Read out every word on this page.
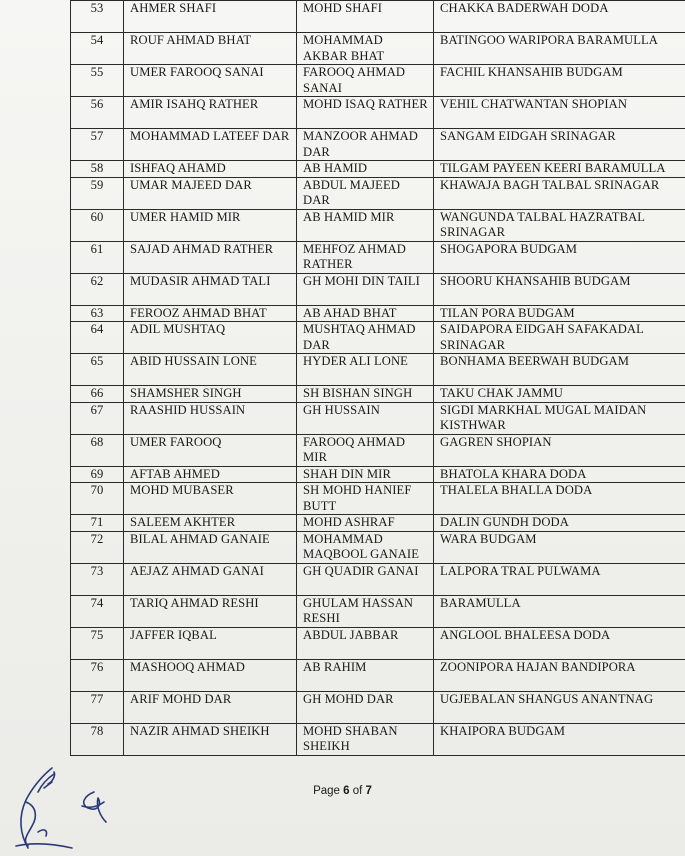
53	AHMER SHAFI	MOHD SHAFI	CHAKKA BADERWAH DODA
54	ROUF AHMAD BHAT	MOHAMMAD AKBAR BHAT	BATINGOO WARIPORA BARAMULLA
55	UMER FAROOQ SANAI	FAROOQ AHMAD SANAI	FACHIL KHANSAHIB BUDGAM
56	AMIR ISAHQ RATHER	MOHD ISAQ RATHER	VEHIL CHATWANTAN SHOPIAN
57	MOHAMMAD LATEEF DAR	MANZOOR AHMAD DAR	SANGAM EIDGAH SRINAGAR
58	ISHFAQ AHAMD	AB HAMID	TILGAM PAYEEN KEERI BARAMULLA
59	UMAR MAJEED DAR	ABDUL MAJEED DAR	KHAWAJA BAGH TALBAL SRINAGAR
60	UMER HAMID MIR	AB HAMID MIR	WANGUNDA TALBAL HAZRATBAL SRINAGAR
61	SAJAD AHMAD RATHER	MEHFOZ AHMAD RATHER	SHOGAPORA BUDGAM
62	MUDASIR AHMAD TALI	GH MOHI DIN TAILI	SHOORU KHANSAHIB BUDGAM
63	FEROOZ AHMAD BHAT	AB AHAD BHAT	TILAN PORA BUDGAM
64	ADIL MUSHTAQ	MUSHTAQ AHMAD DAR	SAIDAPORA EIDGAH SAFAKADAL SRINAGAR
65	ABID HUSSAIN LONE	HYDER ALI LONE	BONHAMA BEERWAH BUDGAM
66	SHAMSHER SINGH	SH BISHAN SINGH	TAKU CHAK JAMMU
67	RAASHID HUSSAIN	GH HUSSAIN	SIGDI MARKHAL MUGAL MAIDAN KISTHWAR
68	UMER FAROOQ	FAROOQ AHMAD MIR	GAGREN SHOPIAN
69	AFTAB AHMED	SHAH DIN MIR	BHATOLA KHARA DODA
70	MOHD MUBASER	SH MOHD HANIEF BUTT	THALELA BHALLA DODA
71	SALEEM AKHTER	MOHD ASHRAF	DALIN GUNDH DODA
72	BILAL AHMAD GANAIE	MOHAMMAD MAQBOOL GANAIE	WARA BUDGAM
73	AEJAZ AHMAD GANAI	GH QUADIR GANAI	LALPORA TRAL PULWAMA
74	TARIQ AHMAD RESHI	GHULAM HASSAN RESHI	BARAMULLA
75	JAFFER IQBAL	ABDUL JABBAR	ANGLOOL BHALEESA DODA
76	MASHOOQ AHMAD	AB RAHIM	ZOONIPORA HAJAN BANDIPORA
77	ARIF MOHD DAR	GH MOHD DAR	UGJEBALAN SHANGUS ANANTNAG
78	NAZIR AHMAD SHEIKH	MOHD SHABAN SHEIKH	KHAIPORA BUDGAM
Page 6 of 7
